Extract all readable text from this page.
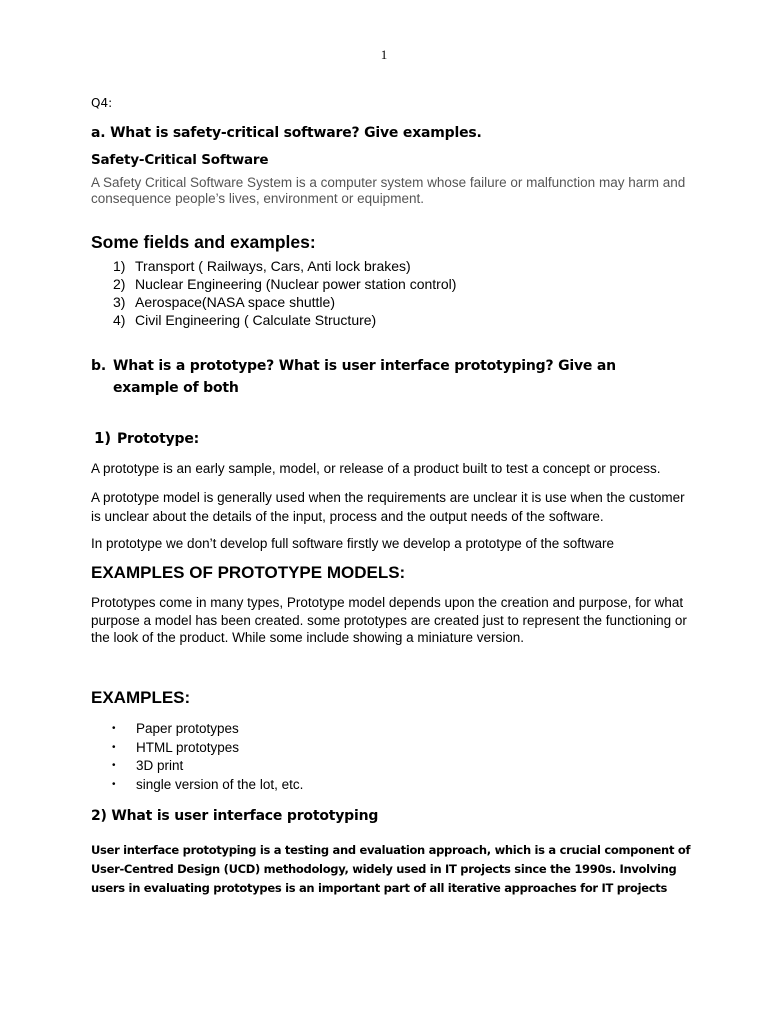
1
Q4:
a. What is safety-critical software? Give examples.
Safety-Critical Software

A Safety Critical Software System is a computer system whose failure or malfunction may harm and consequence people’s lives, environment or equipment.

Some fields and examples:
1) Transport ( Railways, Cars, Anti lock brakes)
2) Nuclear Engineering (Nuclear power station control)
3) Aerospace(NASA space shuttle)
4) Civil Engineering ( Calculate Structure)
b. What is a prototype? What is user interface prototyping? Give an example of both
1) Prototype:

A prototype is an early sample, model, or release of a product built to test a concept or process.

A prototype model is generally used when the requirements are unclear it is use when the customer is unclear about the details of the input, process and the output needs of the software.

In prototype we don’t develop full software firstly we develop a prototype of the software

EXAMPLES OF PROTOTYPE MODELS:

Prototypes come in many types, Prototype model depends upon the creation and purpose, for what purpose a model has been created. some prototypes are created just to represent the functioning or the look of the product. While some include showing a miniature version.

EXAMPLES:
•	Paper prototypes
•	HTML prototypes
•	3D print
•	single version of the lot, etc.
2) What is user interface prototyping

User interface prototyping is a testing and evaluation approach, which is a crucial component of User-Centred Design (UCD) methodology, widely used in IT projects since the 1990s. Involving users in evaluating prototypes is an important part of all iterative approaches for IT projects
